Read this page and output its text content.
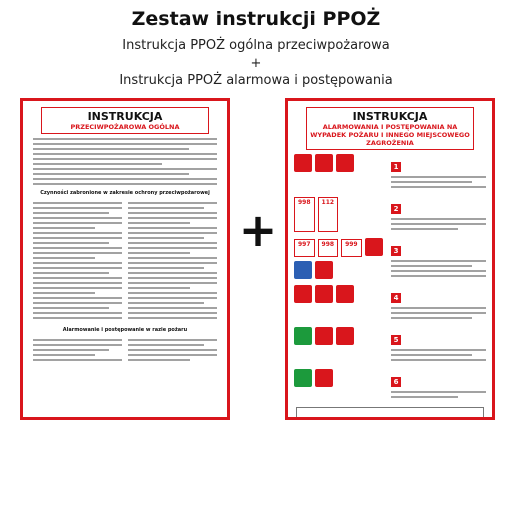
Zestaw instrukcji PPOŻ
Instrukcja PPOŻ ogólna przeciwpożarowa
+
Instrukcja PPOŻ alarmowa i postępowania
INSTRUKCJA
PRZECIWPOŻAROWA OGÓLNA
Czynności zabronione w zakresie ochrony przeciwpożarowej
Alarmowanie i postępowanie w razie pożaru
+
INSTRUKCJA
ALARMOWANIA I POSTĘPOWANIA NA WYPADEK POŻARU I INNEGO MIEJSCOWEGO ZAGROŻENIA
1
998	112
2
997	998	999
3
4
5
6
